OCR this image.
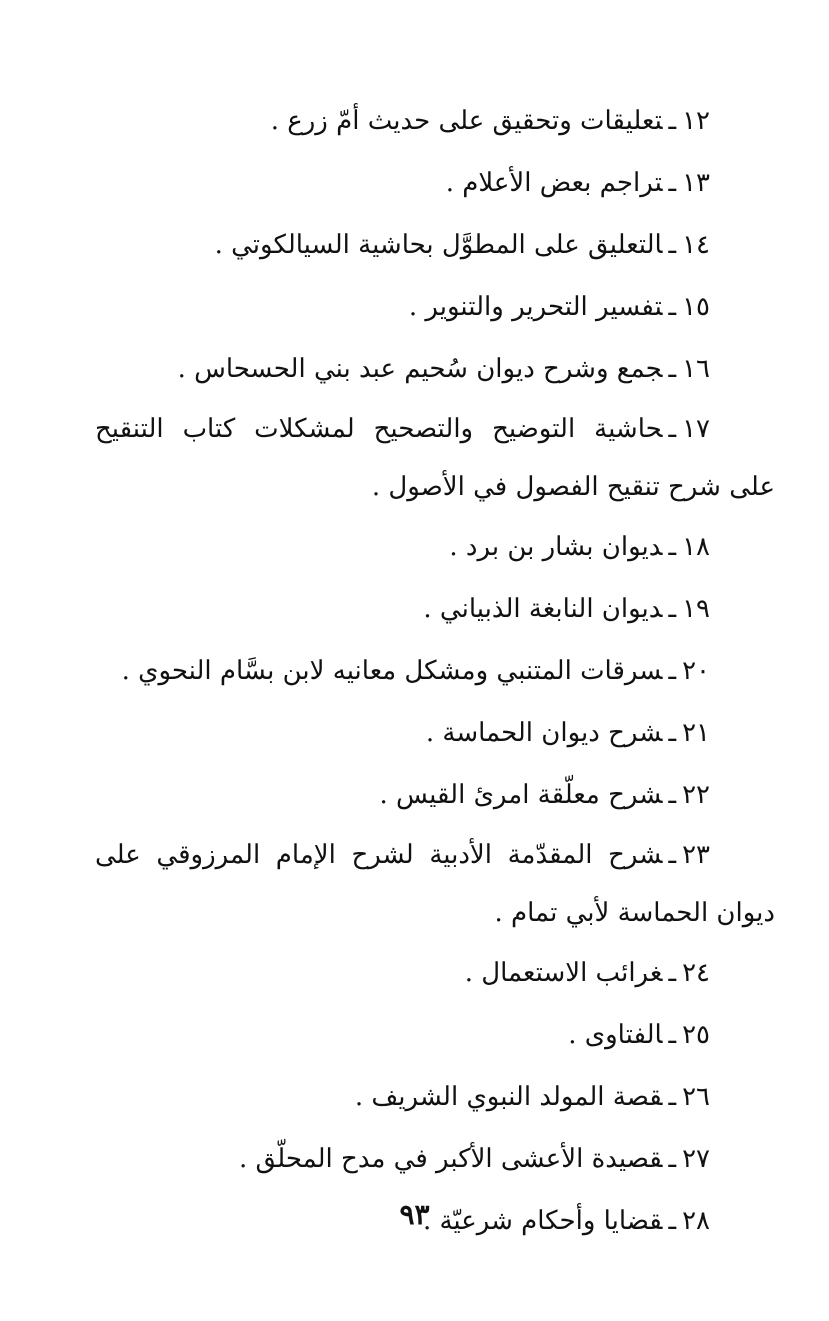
١٢ـتعليقات وتحقيق على حديث أمّ زرع .

١٣ـتراجم بعض الأعلام .

١٤ـالتعليق على المطوَّل بحاشية السيالكوتي .

١٥ـتفسير التحرير والتنوير .

١٦ـجمع وشرح ديوان سُحيم عبد بني الحسحاس .

١٧ـحاشية التوضيح والتصحيح لمشكلات كتاب التنقيح على شرح تنقيح الفصول في الأصول .

١٨ـديوان بشار بن برد .

١٩ـديوان النابغة الذبياني .

٢٠ـسرقات المتنبي ومشكل معانيه لابن بسَّام النحوي .

٢١ـشرح ديوان الحماسة .

٢٢ـشرح معلّقة امرئ القيس .

٢٣ـشرح المقدّمة الأدبية لشرح الإمام المرزوقي على ديوان الحماسة لأبي تمام .

٢٤ـغرائب الاستعمال .

٢٥ـالفتاوى .

٢٦ـقصة المولد النبوي الشريف .

٢٧ـقصيدة الأعشى الأكبر في مدح المحلّق .

٢٨ـقضايا وأحكام شرعيّة .

٩٣
